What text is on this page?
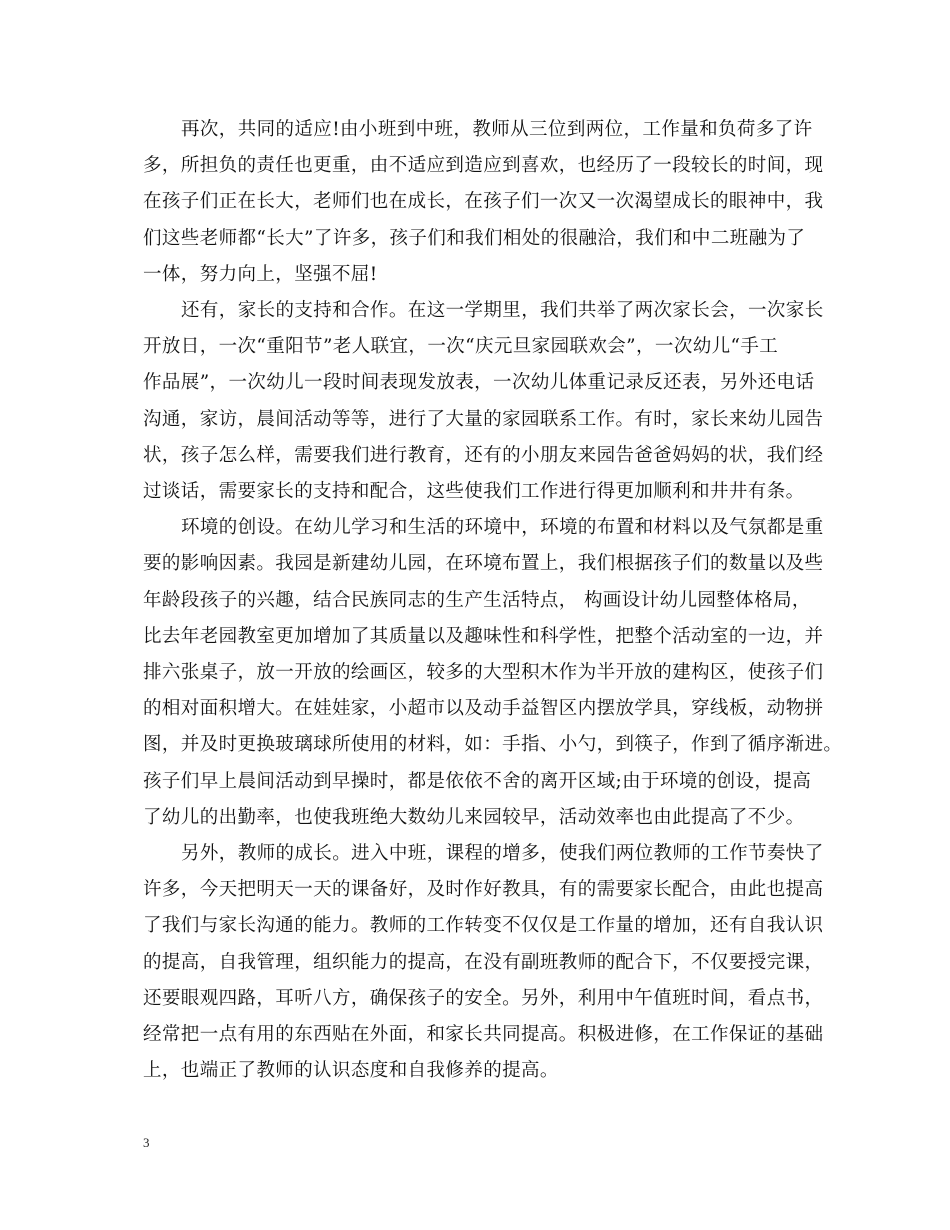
再次，共同的适应!由小班到中班，教师从三位到两位，工作量和负荷多了许
多，所担负的责任也更重，由不适应到造应到喜欢，也经历了一段较长的时间，现
在孩子们正在长大，老师们也在成长，在孩子们一次又一次渴望成长的眼神中，我
们这些老师都“长大”了许多，孩子们和我们相处的很融洽，我们和中二班融为了
一体，努力向上，坚强不屈!

还有，家长的支持和合作。在这一学期里，我们共举了两次家长会，一次家长
开放日，一次“重阳节”老人联宜，一次“庆元旦家园联欢会”，一次幼儿“手工
作品展”，一次幼儿一段时间表现发放表，一次幼儿体重记录反还表，另外还电话
沟通，家访，晨间活动等等，进行了大量的家园联系工作。有时，家长来幼儿园告
状，孩子怎么样，需要我们进行教育，还有的小朋友来园告爸爸妈妈的状，我们经
过谈话，需要家长的支持和配合，这些使我们工作进行得更加顺利和井井有条。

环境的创设。在幼儿学习和生活的环境中，环境的布置和材料以及气氛都是重
要的影响因素。我园是新建幼儿园，在环境布置上，我们根据孩子们的数量以及些
年龄段孩子的兴趣，结合民族同志的生产生活特点， 构画设计幼儿园整体格局，
比去年老园教室更加增加了其质量以及趣味性和科学性，把整个活动室的一边，并
排六张桌子，放一开放的绘画区，较多的大型积木作为半开放的建构区，使孩子们
的相对面积增大。在娃娃家，小超市以及动手益智区内摆放学具，穿线板，动物拼
图，并及时更换玻璃球所使用的材料，如：手指、小勺，到筷子，作到了循序渐进。
孩子们早上晨间活动到早操时，都是依依不舍的离开区域;由于环境的创设，提高
了幼儿的出勤率，也使我班绝大数幼儿来园较早，活动效率也由此提高了不少。

另外，教师的成长。进入中班，课程的增多，使我们两位教师的工作节奏快了
许多，今天把明天一天的课备好，及时作好教具，有的需要家长配合，由此也提高
了我们与家长沟通的能力。教师的工作转变不仅仅是工作量的增加，还有自我认识
的提高，自我管理，组织能力的提高，在没有副班教师的配合下，不仅要授完课，
还要眼观四路，耳听八方，确保孩子的安全。另外，利用中午值班时间，看点书，
经常把一点有用的东西贴在外面，和家长共同提高。积极进修，在工作保证的基础
上，也端正了教师的认识态度和自我修养的提高。

3
